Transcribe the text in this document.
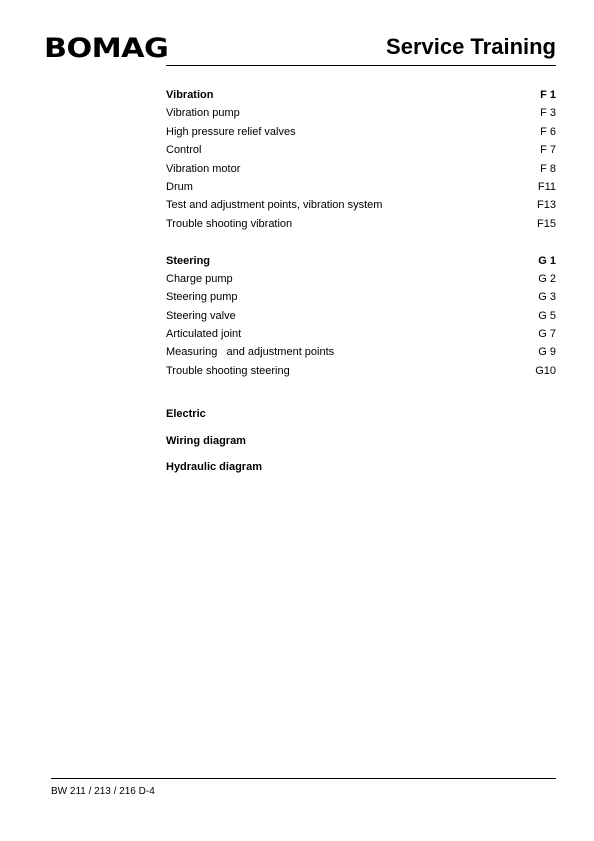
BOMAG	Service Training
Vibration	F 1
Vibration pump	F 3
High pressure relief valves	F 6
Control	F 7
Vibration motor	F 8
Drum	F11
Test and adjustment points, vibration system	F13
Trouble shooting vibration	F15
Steering	G 1
Charge pump	G 2
Steering pump	G 3
Steering valve	G 5
Articulated joint	G 7
Measuring   and adjustment points	G 9
Trouble shooting steering	G10
Electric
Wiring diagram
Hydraulic diagram
BW 211 / 213 / 216 D-4
